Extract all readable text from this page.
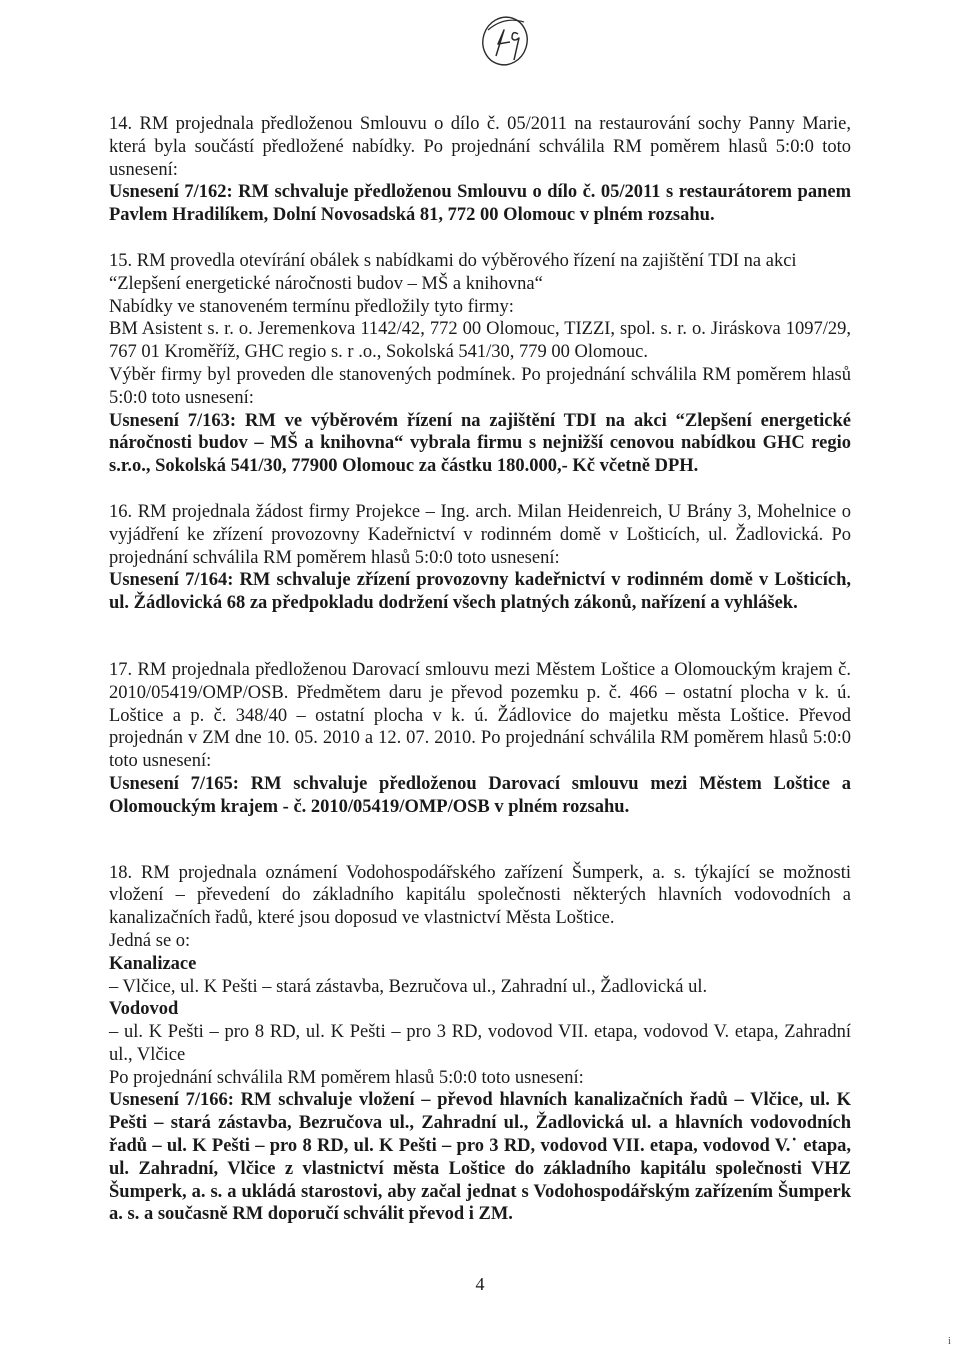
14. RM projednala předloženou Smlouvu o dílo č. 05/2011 na restaurování sochy Panny Marie, která byla součástí předložené nabídky. Po projednání schválila RM poměrem hlasů 5:0:0 toto usnesení:

Usnesení 7/162: RM schvaluje předloženou Smlouvu o dílo č. 05/2011 s restaurátorem panem Pavlem Hradilíkem, Dolní Novosadská 81, 772 00 Olomouc v plném rozsahu.

15. RM provedla otevírání obálek s nabídkami do výběrového řízení na zajištění TDI na akci

“Zlepšení energetické náročnosti budov – MŠ a knihovna“

Nabídky ve stanoveném termínu předložily tyto firmy:

BM Asistent s. r. o. Jeremenkova 1142/42, 772 00 Olomouc, TIZZI, spol. s. r. o. Jiráskova 1097/29, 767 01 Kroměříž, GHC regio s. r .o., Sokolská 541/30, 779 00 Olomouc.

Výběr firmy byl proveden dle stanovených podmínek. Po projednání schválila RM poměrem hlasů 5:0:0 toto usnesení:

Usnesení 7/163: RM ve výběrovém řízení na zajištění TDI na akci “Zlepšení energetické náročnosti budov – MŠ a knihovna“ vybrala firmu s nejnižší cenovou nabídkou GHC regio s.r.o., Sokolská 541/30, 77900 Olomouc za částku 180.000,- Kč včetně DPH.

16. RM projednala žádost firmy Projekce – Ing. arch. Milan Heidenreich, U Brány 3, Mohelnice o vyjádření ke zřízení provozovny Kadeřnictví v rodinném domě v Lošticích, ul. Žadlovická. Po projednání schválila RM poměrem hlasů 5:0:0 toto usnesení:

Usnesení 7/164: RM schvaluje zřízení provozovny kadeřnictví v rodinném domě v Lošticích, ul. Žádlovická 68 za předpokladu dodržení všech platných zákonů, nařízení a vyhlášek.

17. RM projednala předloženou Darovací smlouvu mezi Městem Loštice a Olomouckým krajem č. 2010/05419/OMP/OSB. Předmětem daru je převod pozemku p. č. 466 – ostatní plocha v k. ú. Loštice a p. č. 348/40 – ostatní plocha v k. ú. Žádlovice do majetku města Loštice. Převod projednán v ZM dne 10. 05. 2010 a 12. 07. 2010. Po projednání schválila RM poměrem hlasů 5:0:0 toto usnesení:

Usnesení 7/165: RM schvaluje předloženou Darovací smlouvu mezi Městem Loštice a Olomouckým krajem - č. 2010/05419/OMP/OSB v plném rozsahu.

18. RM projednala oznámení Vodohospodářského zařízení Šumperk, a. s. týkající se možnosti vložení – převedení do základního kapitálu společnosti některých hlavních vodovodních a kanalizačních řadů, které jsou doposud ve vlastnictví Města Loštice.

Jedná se o:

Kanalizace

– Vlčice, ul. K Pešti – stará zástavba, Bezručova ul., Zahradní ul., Žadlovická ul.

Vodovod

– ul. K Pešti – pro 8 RD, ul. K Pešti – pro 3 RD, vodovod VII. etapa, vodovod V. etapa, Zahradní ul., Vlčice

Po projednání schválila RM poměrem hlasů 5:0:0 toto usnesení:

Usnesení 7/166: RM schvaluje vložení – převod hlavních kanalizačních řadů – Vlčice, ul. K Pešti – stará zástavba, Bezručova ul., Zahradní ul., Žadlovická ul. a hlavních vodovodních řadů – ul. K Pešti – pro 8 RD, ul. K Pešti – pro 3 RD, vodovod VII. etapa, vodovod V.˙ etapa, ul. Zahradní, Vlčice z vlastnictví města Loštice do základního kapitálu společnosti VHZ Šumperk, a. s. a ukládá starostovi, aby začal jednat s Vodohospodářským zařízením Šumperk a. s. a současně RM doporučí schválit převod i ZM.

4
i
